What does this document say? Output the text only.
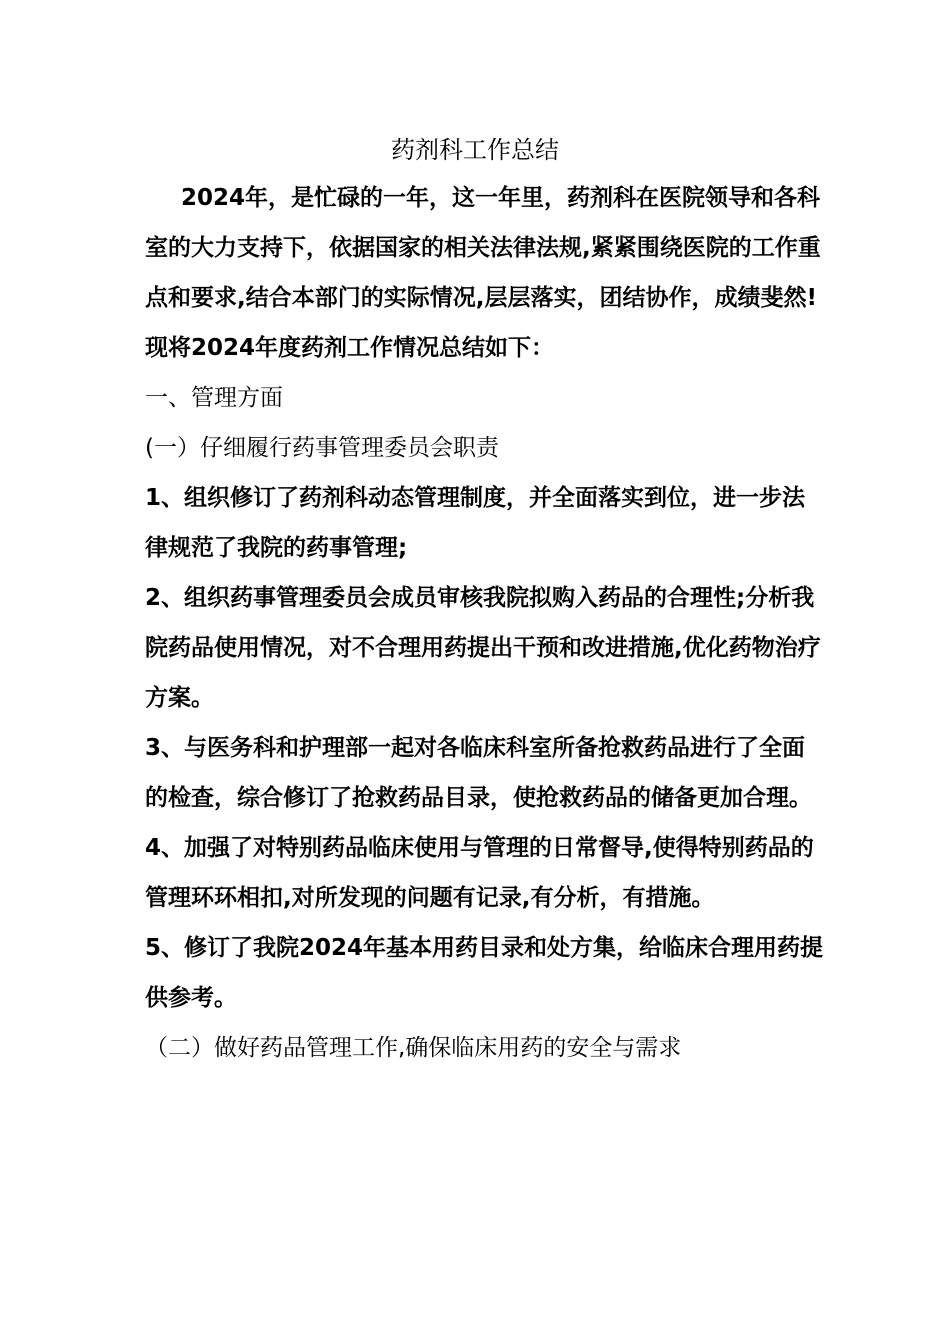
药剂科工作总结

2024年，是忙碌的一年，这一年里，药剂科在医院领导和各科室的大力支持下，依据国家的相关法律法规,紧紧围绕医院的工作重点和要求,结合本部门的实际情况,层层落实，团结协作，成绩斐然!

现将2024年度药剂工作情况总结如下：

一、管理方面

(一）仔细履行药事管理委员会职责

1、组织修订了药剂科动态管理制度，并全面落实到位，进一步法律规范了我院的药事管理;

2、组织药事管理委员会成员审核我院拟购入药品的合理性;分析我院药品使用情况，对不合理用药提出干预和改进措施,优化药物治疗方案。

3、与医务科和护理部一起对各临床科室所备抢救药品进行了全面的检查，综合修订了抢救药品目录，使抢救药品的储备更加合理。

4、加强了对特别药品临床使用与管理的日常督导,使得特别药品的管理环环相扣,对所发现的问题有记录,有分析，有措施。

5、修订了我院2024年基本用药目录和处方集，给临床合理用药提供参考。

（二）做好药品管理工作,确保临床用药的安全与需求
